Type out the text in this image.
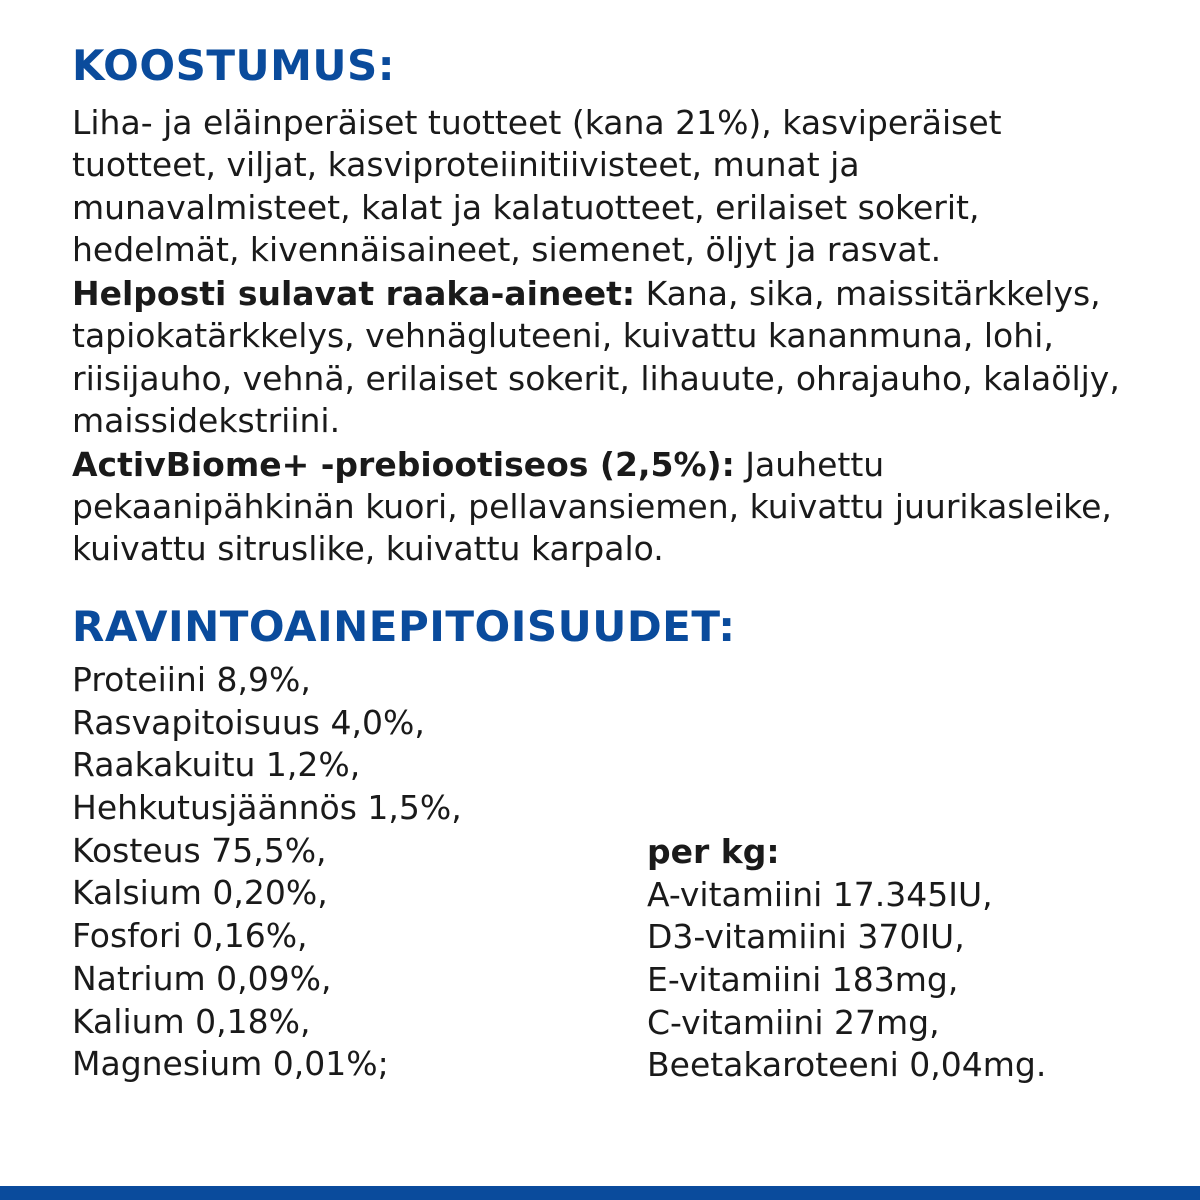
KOOSTUMUS:

Liha- ja eläinperäiset tuotteet (kana 21%), kasviperäiset tuotteet, viljat, kasviproteiinitiivisteet, munat ja munavalmisteet, kalat ja kalatuotteet, erilaiset sokerit, hedelmät, kivennäisaineet, siemenet, öljyt ja rasvat.

Helposti sulavat raaka-aineet: Kana, sika, maissitärkkelys, tapiokatärkkelys, vehnägluteeni, kuivattu kananmuna, lohi, riisijauho, vehnä, erilaiset sokerit, lihauute, ohrajauho, kalaöljy, maissidekstriini.

ActivBiome+ -prebiootiseos (2,5%): Jauhettu pekaanipähkinän kuori, pellavansiemen, kuivattu juurikasleike, kuivattu sitruslike, kuivattu karpalo.

RAVINTOAINEPITOISUUDET:
Proteiini 8,9%,
Rasvapitoisuus 4,0%,
Raakakuitu 1,2%,
Hehkutusjäännös 1,5%,
Kosteus 75,5%,
Kalsium 0,20%,
Fosfori 0,16%,
Natrium 0,09%,
Kalium 0,18%,
Magnesium 0,01%;
per kg:
A-vitamiini 17.345IU,
D3-vitamiini 370IU,
E-vitamiini 183mg,
C-vitamiini 27mg,
Beetakaroteeni 0,04mg.
